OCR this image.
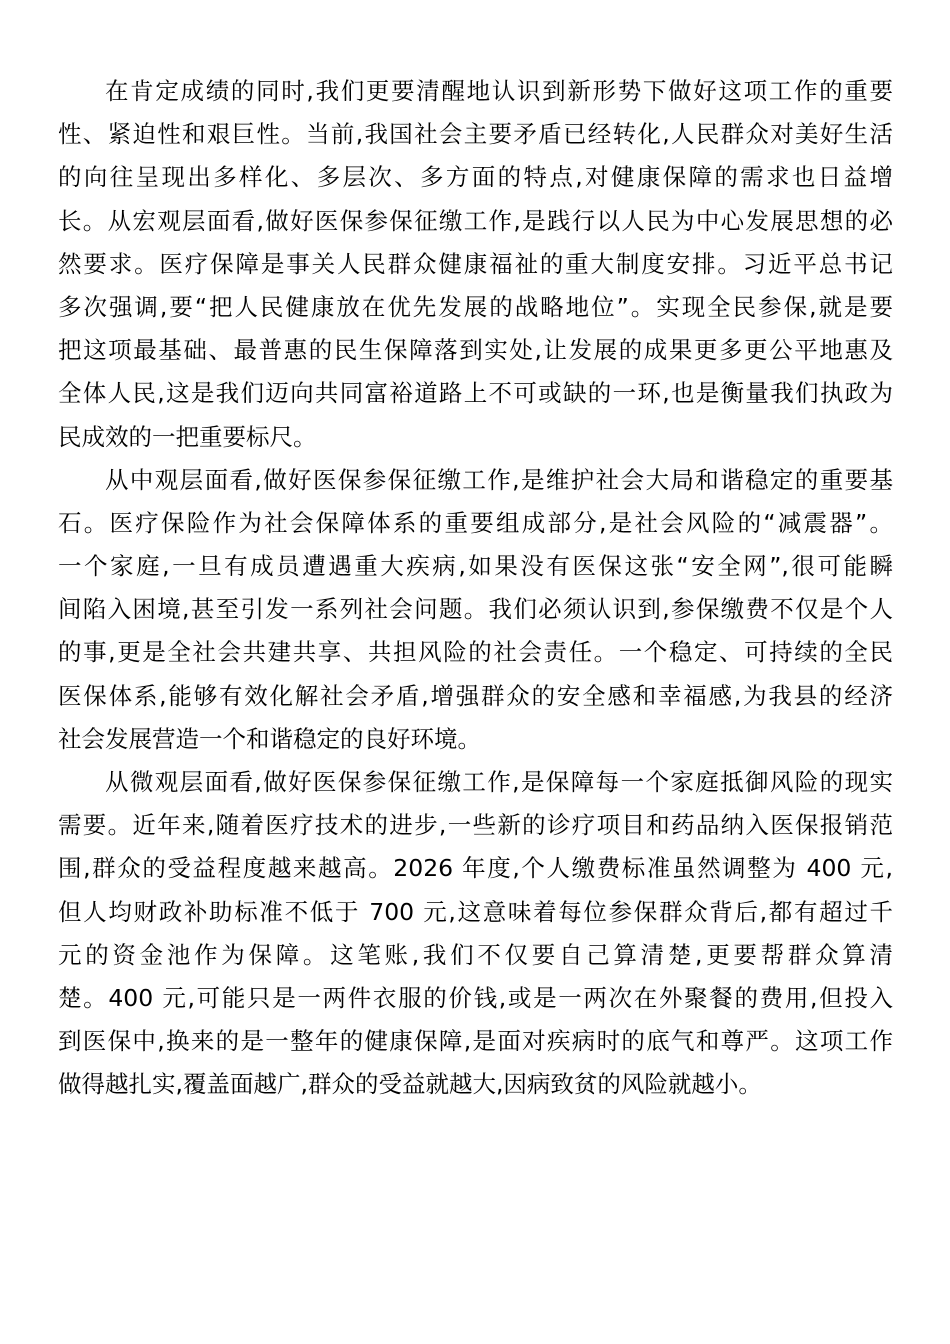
在肯定成绩的同时,我们更要清醒地认识到新形势下做好这项工作的重要
性、紧迫性和艰巨性。当前,我国社会主要矛盾已经转化,人民群众对美好生活
的向往呈现出多样化、多层次、多方面的特点,对健康保障的需求也日益增
长。从宏观层面看,做好医保参保征缴工作,是践行以人民为中心发展思想的必
然要求。医疗保障是事关人民群众健康福祉的重大制度安排。习近平总书记
多次强调,要“把人民健康放在优先发展的战略地位”。实现全民参保,就是要
把这项最基础、最普惠的民生保障落到实处,让发展的成果更多更公平地惠及
全体人民,这是我们迈向共同富裕道路上不可或缺的一环,也是衡量我们执政为
民成效的一把重要标尺。
从中观层面看,做好医保参保征缴工作,是维护社会大局和谐稳定的重要基
石。医疗保险作为社会保障体系的重要组成部分,是社会风险的“减震器”。
一个家庭,一旦有成员遭遇重大疾病,如果没有医保这张“安全网”,很可能瞬
间陷入困境,甚至引发一系列社会问题。我们必须认识到,参保缴费不仅是个人
的事,更是全社会共建共享、共担风险的社会责任。一个稳定、可持续的全民
医保体系,能够有效化解社会矛盾,增强群众的安全感和幸福感,为我县的经济
社会发展营造一个和谐稳定的良好环境。
从微观层面看,做好医保参保征缴工作,是保障每一个家庭抵御风险的现实
需要。近年来,随着医疗技术的进步,一些新的诊疗项目和药品纳入医保报销范
围,群众的受益程度越来越高。2026 年度,个人缴费标准虽然调整为 400 元,
但人均财政补助标准不低于 700 元,这意味着每位参保群众背后,都有超过千
元的资金池作为保障。这笔账,我们不仅要自己算清楚,更要帮群众算清
楚。400 元,可能只是一两件衣服的价钱,或是一两次在外聚餐的费用,但投入
到医保中,换来的是一整年的健康保障,是面对疾病时的底气和尊严。这项工作
做得越扎实,覆盖面越广,群众的受益就越大,因病致贫的风险就越小。
